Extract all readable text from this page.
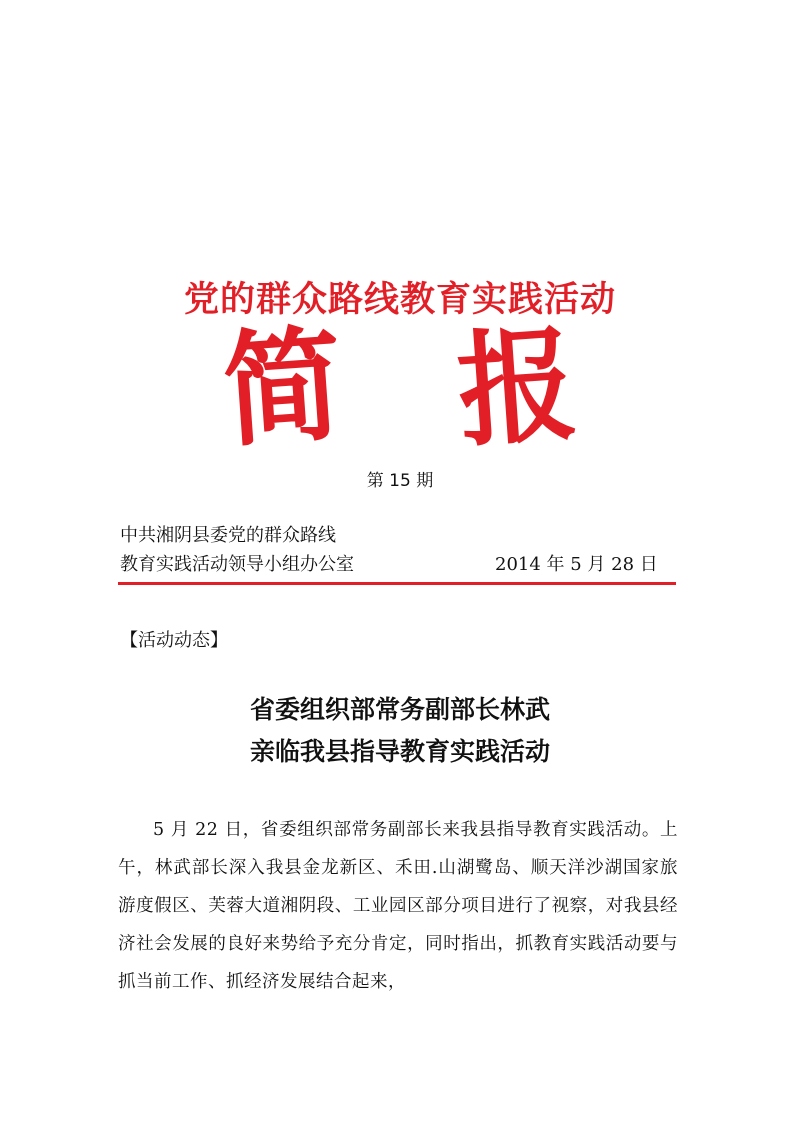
党的群众路线教育实践活动
简 报
第 15 期
中共湘阴县委党的群众路线
教育实践活动领导小组办公室	2014 年 5 月 28 日
【活动动态】
省委组织部常务副部长林武
亲临我县指导教育实践活动

5 月 22 日，省委组织部常务副部长来我县指导教育实践活动。上午，林武部长深入我县金龙新区、禾田.山湖鹭岛、顺天洋沙湖国家旅游度假区、芙蓉大道湘阴段、工业园区部分项目进行了视察，对我县经济社会发展的良好来势给予充分肯定，同时指出，抓教育实践活动要与抓当前工作、抓经济发展结合起来，
